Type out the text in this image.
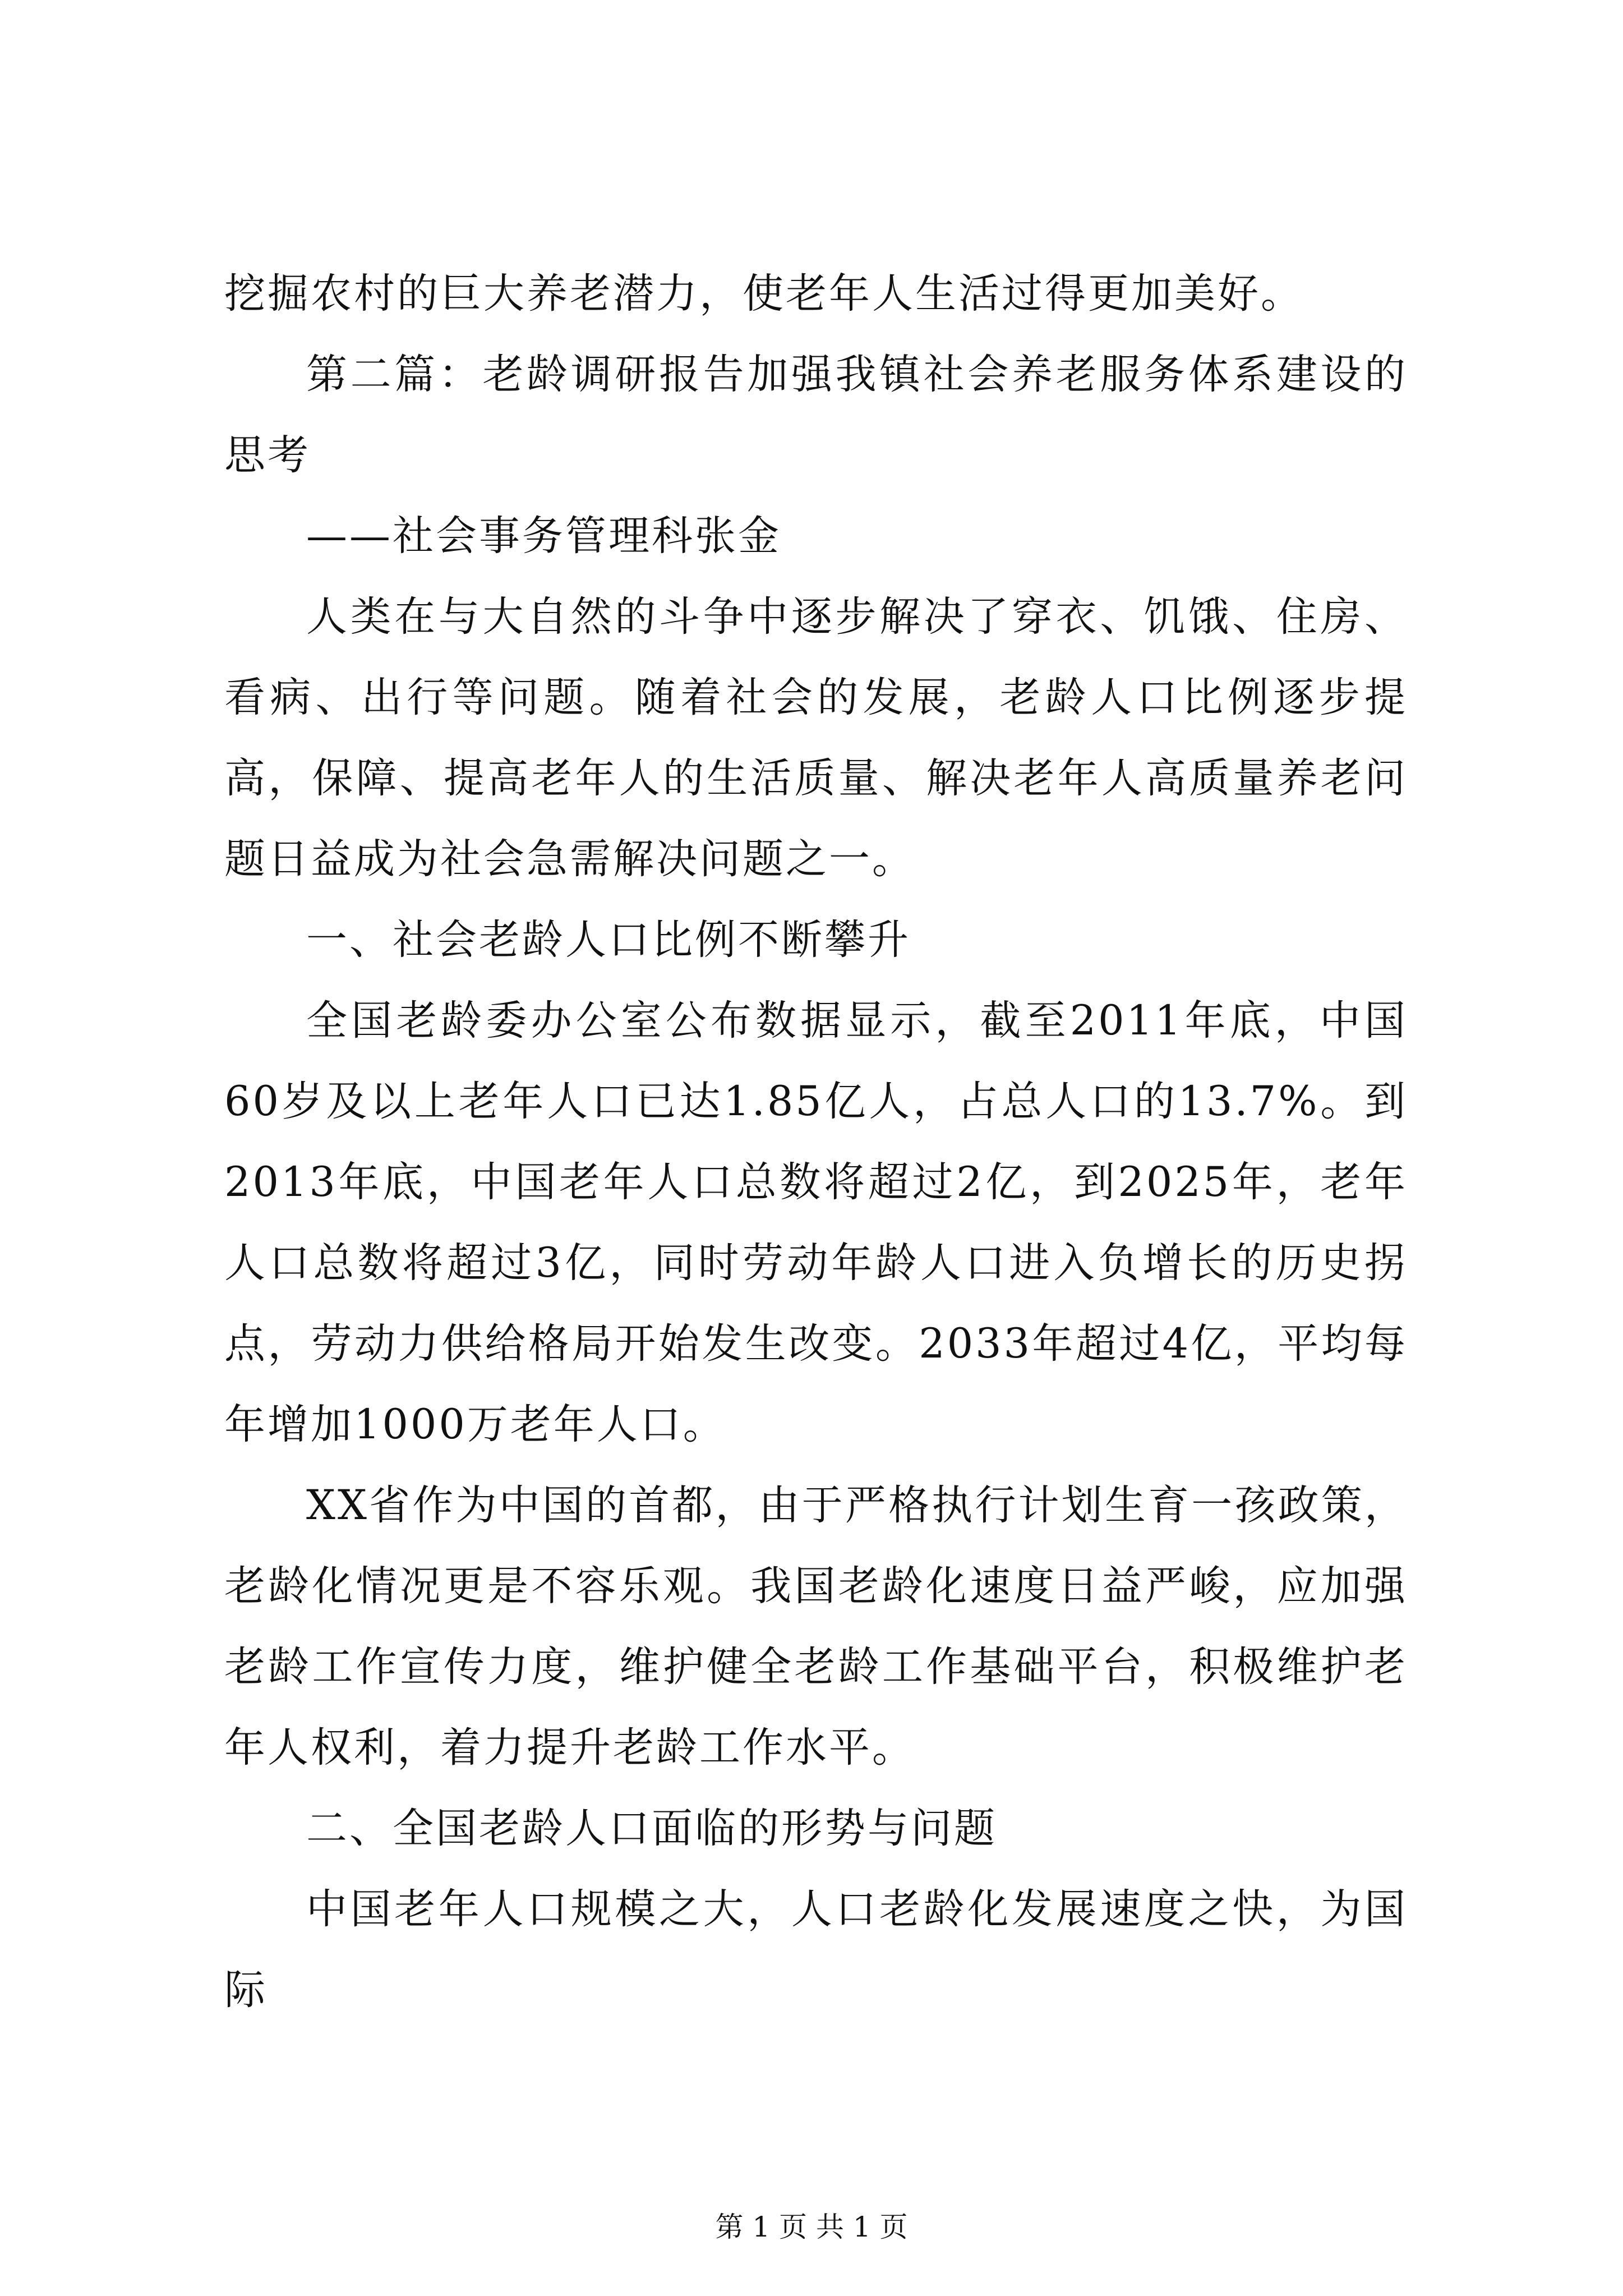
挖掘农村的巨大养老潜力，使老年人生活过得更加美好。

第二篇：老龄调研报告加强我镇社会养老服务体系建设的思考

——社会事务管理科张金

人类在与大自然的斗争中逐步解决了穿衣、饥饿、住房、看病、出行等问题。随着社会的发展，老龄人口比例逐步提高，保障、提高老年人的生活质量、解决老年人高质量养老问题日益成为社会急需解决问题之一。

一、社会老龄人口比例不断攀升

全国老龄委办公室公布数据显示，截至2011年底，中国60岁及以上老年人口已达1.85亿人，占总人口的13.7%。到2013年底，中国老年人口总数将超过2亿，到2025年，老年人口总数将超过3亿，同时劳动年龄人口进入负增长的历史拐点，劳动力供给格局开始发生改变。2033年超过4亿，平均每年增加1000万老年人口。

XX省作为中国的首都，由于严格执行计划生育一孩政策，老龄化情况更是不容乐观。我国老龄化速度日益严峻，应加强老龄工作宣传力度，维护健全老龄工作基础平台，积极维护老年人权利，着力提升老龄工作水平。

二、全国老龄人口面临的形势与问题

中国老年人口规模之大，人口老龄化发展速度之快，为国际

第 1 页 共 1 页
